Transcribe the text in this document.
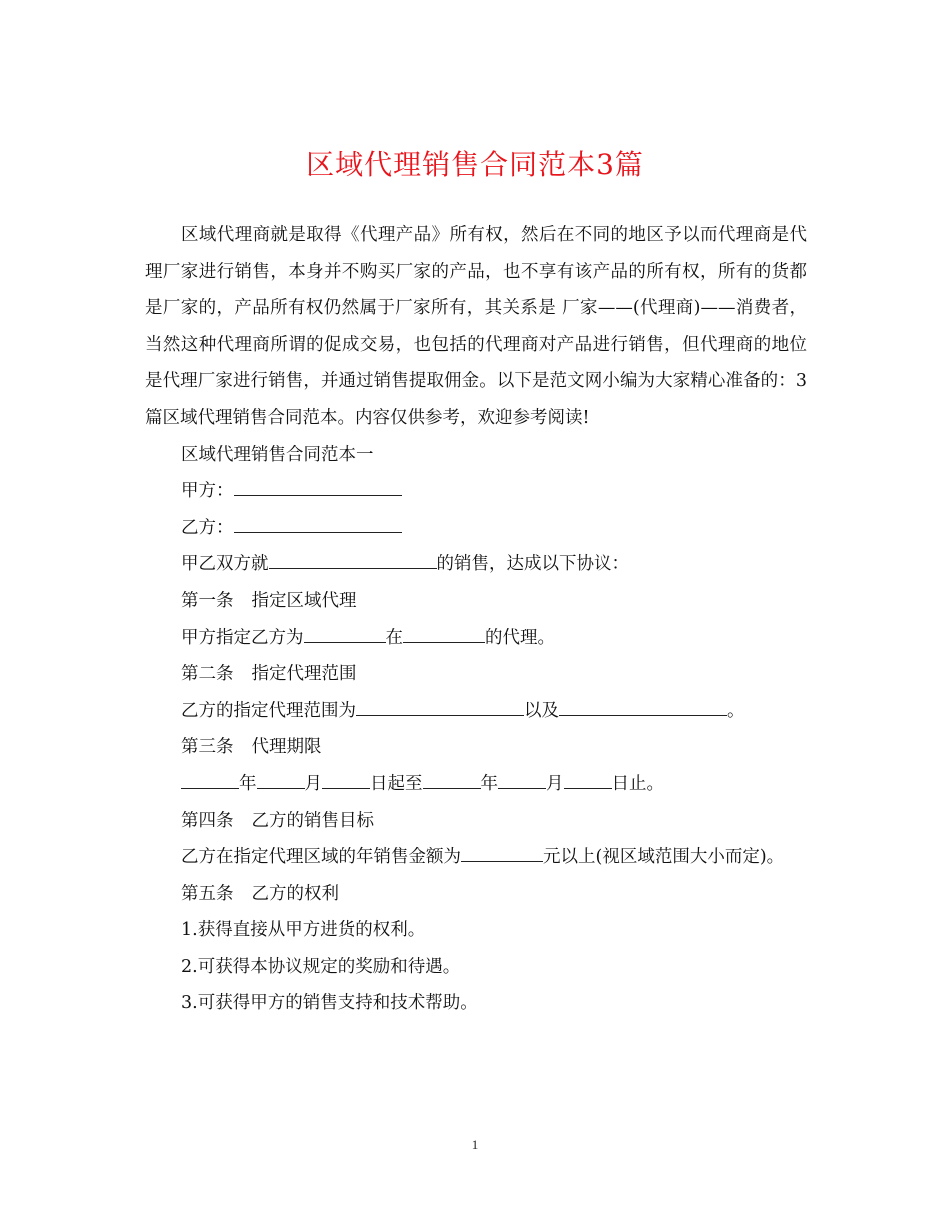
区域代理销售合同范本3篇

区域代理商就是取得《代理产品》所有权，然后在不同的地区予以而代理商是代理厂家进行销售，本身并不购买厂家的产品，也不享有该产品的所有权，所有的货都是厂家的，产品所有权仍然属于厂家所有，其关系是 厂家——(代理商)——消费者，当然这种代理商所谓的促成交易，也包括的代理商对产品进行销售，但代理商的地位是代理厂家进行销售，并通过销售提取佣金。以下是范文网小编为大家精心准备的：3篇区域代理销售合同范本。内容仅供参考，欢迎参考阅读!

区域代理销售合同范本一

甲方：

乙方：

甲乙双方就	的销售，达成以下协议：

第一条 指定区域代理

甲方指定乙方为	在	的代理。

第二条 指定代理范围

乙方的指定代理范围为	以及	。

第三条 代理期限

年	月	日起至	年	月	日止。

第四条 乙方的销售目标

乙方在指定代理区域的年销售金额为	元以上(视区域范围大小而定)。

第五条 乙方的权利

1.获得直接从甲方进货的权利。

2.可获得本协议规定的奖励和待遇。

3.可获得甲方的销售支持和技术帮助。

1
